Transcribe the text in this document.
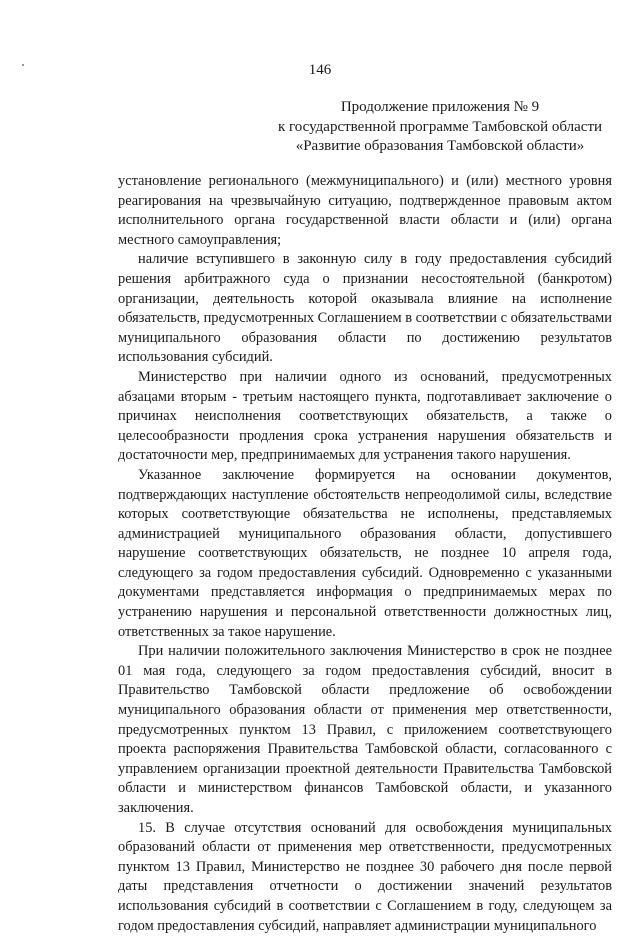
146
Продолжение приложения № 9
к государственной программе Тамбовской области
«Развитие образования Тамбовской области»

установление регионального (межмуниципального) и (или) местного уровня реагирования на чрезвычайную ситуацию, подтвержденное правовым актом исполнительного органа государственной власти области и (или) органа местного самоуправления;

наличие вступившего в законную силу в году предоставления субсидий решения арбитражного суда о признании несостоятельной (банкротом) организации, деятельность которой оказывала влияние на исполнение обязательств, предусмотренных Соглашением в соответствии с обязательствами муниципального образования области по достижению результатов использования субсидий.

Министерство при наличии одного из оснований, предусмотренных абзацами вторым - третьим настоящего пункта, подготавливает заключение о причинах неисполнения соответствующих обязательств, а также о целесообразности продления срока устранения нарушения обязательств и достаточности мер, предпринимаемых для устранения такого нарушения.

Указанное заключение формируется на основании документов, подтверждающих наступление обстоятельств непреодолимой силы, вследствие которых соответствующие обязательства не исполнены, представляемых администрацией муниципального образования области, допустившего нарушение соответствующих обязательств, не позднее 10 апреля года, следующего за годом предоставления субсидий. Одновременно с указанными документами представляется информация о предпринимаемых мерах по устранению нарушения и персональной ответственности должностных лиц, ответственных за такое нарушение.

При наличии положительного заключения Министерство в срок не позднее 01 мая года, следующего за годом предоставления субсидий, вносит в Правительство Тамбовской области предложение об освобождении муниципального образования области от применения мер ответственности, предусмотренных пунктом 13 Правил, с приложением соответствующего проекта распоряжения Правительства Тамбовской области, согласованного с управлением организации проектной деятельности Правительства Тамбовской области и министерством финансов Тамбовской области, и указанного заключения.

15. В случае отсутствия оснований для освобождения муниципальных образований области от применения мер ответственности, предусмотренных пунктом 13 Правил, Министерство не позднее 30 рабочего дня после первой даты представления отчетности о достижении значений результатов использования субсидий в соответствии с Соглашением в году, следующем за годом предоставления субсидий, направляет администрации муниципального
